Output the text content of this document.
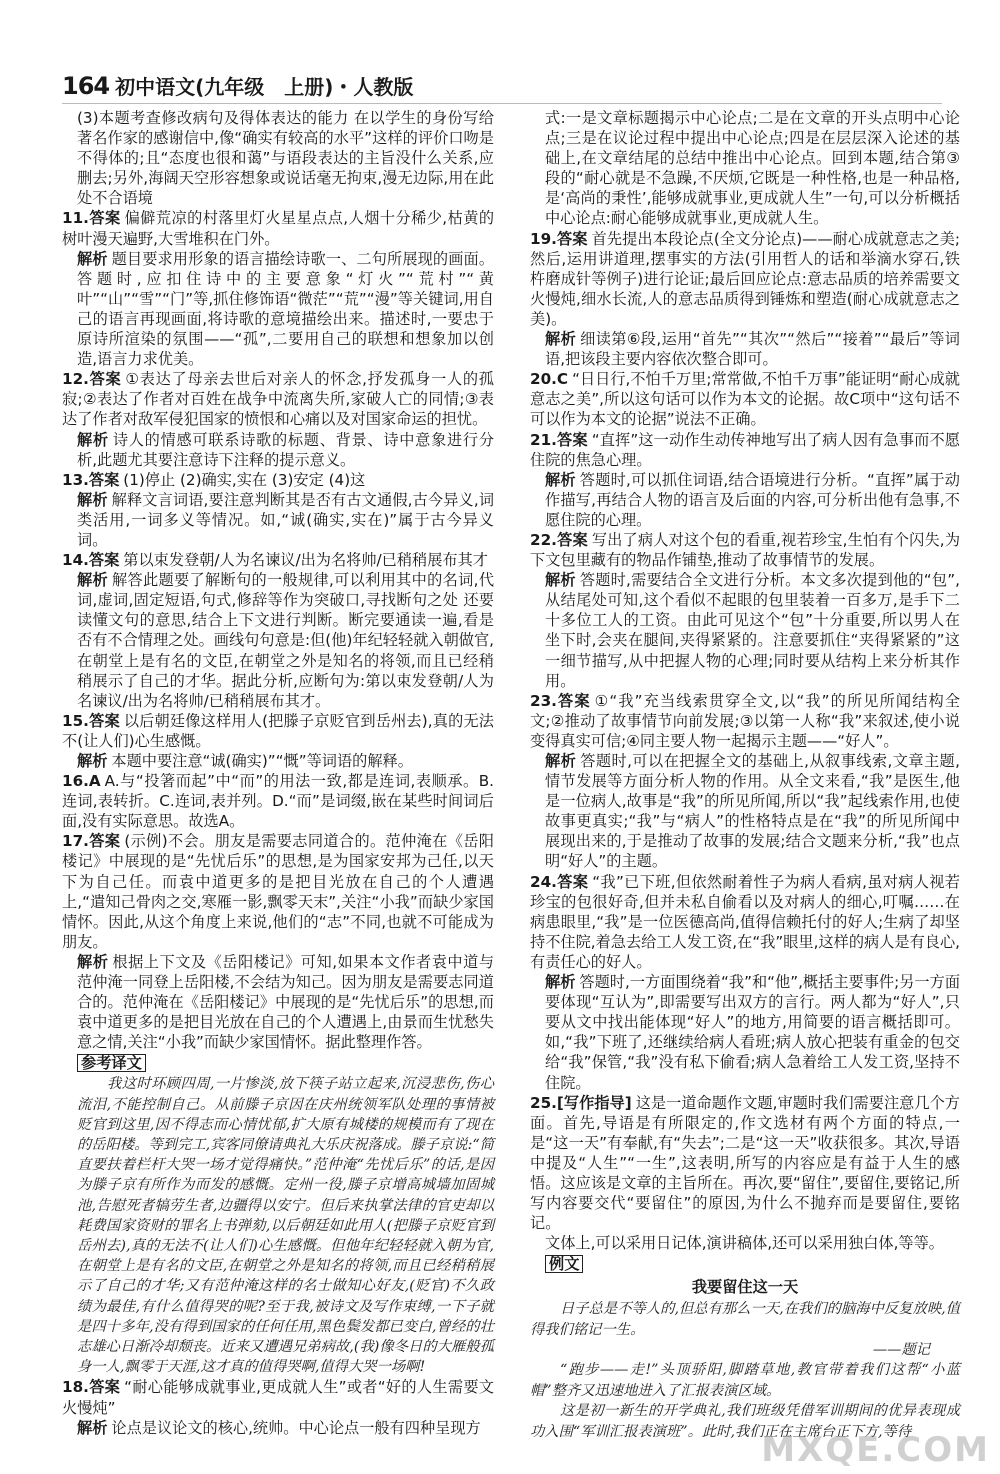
164 初中语文(九年级　上册)・人教版

(3)本题考查修改病句及得体表达的能力 在以学生的身份写给著名作家的感谢信中,像“确实有较高的水平”这样的评价口吻是不得体的;且“态度也很和蔼”与语段表达的主旨没什么关系,应删去;另外,海阔天空形容想象或说话毫无拘束,漫无边际,用在此处不合语境

11.答案 偏僻荒凉的村落里灯火星星点点,人烟十分稀少,枯黄的树叶漫天遍野,大雪堆积在门外。

解析 题目要求用形象的语言描绘诗歌一、二句所展现的画面。答题时,应扣住诗中的主要意象“灯火”“荒村”“黄叶”“山”“雪”“门”等,抓住修饰语“微茫”“荒”“漫”等关键词,用自己的语言再现画面,将诗歌的意境描绘出来。描述时,一要忠于原诗所渲染的氛围——“孤”,二要用自己的联想和想象加以创造,语言力求优美。

12.答案 ①表达了母亲去世后对亲人的怀念,抒发孤身一人的孤寂;②表达了作者对百姓在战争中流离失所,家破人亡的同情;③表达了作者对敌军侵犯国家的愤恨和心痛以及对国家命运的担忧。

解析 诗人的情感可联系诗歌的标题、背景、诗中意象进行分析,此题尤其要注意诗下注释的提示意义。

13.答案 (1)停止 (2)确实,实在 (3)安定 (4)这

解析 解释文言词语,要注意判断其是否有古文通假,古今异义,词类活用,一词多义等情况。如,“诚(确实,实在)”属于古今异义词。

14.答案 第以束发登朝/人为名谏议/出为名将帅/已稍稍展布其才

解析 解答此题要了解断句的一般规律,可以利用其中的名词,代词,虚词,固定短语,句式,修辞等作为突破口,寻找断句之处 还要读懂文句的意思,结合上下文进行判断。断完要通读一遍,看是否有不合情理之处。画线句句意是:但(他)年纪轻轻就入朝做官,在朝堂上是有名的文臣,在朝堂之外是知名的将领,而且已经稍稍展示了自己的才华。据此分析,应断句为:第以束发登朝/人为名谏议/出为名将帅/已稍稍展布其才。

15.答案 以后朝廷像这样用人(把滕子京贬官到岳州去),真的无法不(让人们)心生感慨。

解析 本题中要注意“诚(确实)”“慨”等词语的解释。

16.A A.与“投箸而起”中“而”的用法一致,都是连词,表顺承。B.连词,表转折。C.连词,表并列。D.“而”是词缀,嵌在某些时间词后面,没有实际意思。故选A。

17.答案 (示例)不会。朋友是需要志同道合的。范仲淹在《岳阳楼记》中展现的是“先忧后乐”的思想,是为国家安邦为己任,以天下为自己任。而袁中道更多的是把目光放在自己的个人遭遇上,“遣知己骨肉之交,寒雁一影,飘零天末”,关注“小我”而缺少家国情怀。因此,从这个角度上来说,他们的“志”不同,也就不可能成为朋友。

解析 根据上下文及《岳阳楼记》可知,如果本文作者袁中道与范仲淹一同登上岳阳楼,不会结为知己。因为朋友是需要志同道合的。范仲淹在《岳阳楼记》中展现的是“先忧后乐”的思想,而袁中道更多的是把目光放在自己的个人遭遇上,由景而生忧愁失意之情,关注“小我”而缺少家国情怀。据此整理作答。

参考译文

我这时环顾四周,一片惨淡,放下筷子站立起来,沉浸悲伤,伤心流泪,不能控制自己。从前滕子京因在庆州统领军队处理的事情被贬官到这里,因不得志而心情忧郁,扩大原有城楼的规模而有了现在的岳阳楼。等到完工,宾客同僚请典礼大乐庆祝落成。滕子京说:“简直要扶着栏杆大哭一场才觉得痛快。”范仲淹“先忧后乐”的话,是因为滕子京有所作为而发的感慨。定州一役,滕子京增高城墙加固城池,告慰死者犒劳生者,边疆得以安宁。但后来执掌法律的官吏却以耗费国家资财的罪名上书弹劾,以后朝廷如此用人(把滕子京贬官到岳州去),真的无法不(让人们)心生感慨。但他年纪轻轻就入朝为官,在朝堂上是有名的文臣,在朝堂之外是知名的将领,而且已经稍稍展示了自己的才华;又有范仲淹这样的名士做知心好友,(贬官)不久政绩为最佳,有什么值得哭的呢?至于我,被诗文及写作束缚,一下子就是四十多年,没有得到国家的任何任用,黑色鬓发都已变白,曾经的壮志雄心日渐冷却颓丧。近来又遭遇兄弟病故,(我)像冬日的大雁般孤身一人,飘零于天涯,这才真的值得哭啊,值得大哭一场啊!

18.答案 “耐心能够成就事业,更成就人生”或者“好的人生需要文火慢炖”

解析 论点是议论文的核心,统帅。中心论点一般有四种呈现方

式:一是文章标题揭示中心论点;二是在文章的开头点明中心论点;三是在议论过程中提出中心论点;四是在层层深入论述的基础上,在文章结尾的总结中推出中心论点。回到本题,结合第③段的“耐心就是不急躁,不厌烦,它既是一种性格,也是一种品格,是‘高尚的秉性’,能够成就事业,更成就人生”一句,可以分析概括中心论点:耐心能够成就事业,更成就人生。

19.答案 首先提出本段论点(全文分论点)——耐心成就意志之美;然后,运用讲道理,摆事实的方法(引用哲人的话和举滴水穿石,铁杵磨成针等例子)进行论证;最后回应论点:意志品质的培养需要文火慢炖,细水长流,人的意志品质得到锤炼和塑造(耐心成就意志之美)。

解析 细读第⑥段,运用“首先”“其次”“然后”“接着”“最后”等词语,把该段主要内容依次整合即可。

20.C “日日行,不怕千万里;常常做,不怕千万事”能证明“耐心成就意志之美”,所以这句话可以作为本文的论据。故C项中“这句话不可以作为本文的论据”说法不正确。

21.答案 “直挥”这一动作生动传神地写出了病人因有急事而不愿住院的焦急心理。

解析 答题时,可以抓住词语,结合语境进行分析。“直挥”属于动作描写,再结合人物的语言及后面的内容,可分析出他有急事,不愿住院的心理。

22.答案 写出了病人对这个包的看重,视若珍宝,生怕有个闪失,为下文包里藏有的物品作铺垫,推动了故事情节的发展。

解析 答题时,需要结合全文进行分析。本文多次提到他的“包”,从结尾处可知,这个看似不起眼的包里装着一百多万,是手下二十多位工人的工资。由此可见这个“包”十分重要,所以男人在坐下时,会夹在腿间,夹得紧紧的。注意要抓住“夹得紧紧的”这一细节描写,从中把握人物的心理;同时要从结构上来分析其作用。

23.答案 ①“我”充当线索贯穿全文,以“我”的所见所闻结构全文;②推动了故事情节向前发展;③以第一人称“我”来叙述,使小说变得真实可信;④同主要人物一起揭示主题——“好人”。

解析 答题时,可以在把握全文的基础上,从叙事线索,文章主题,情节发展等方面分析人物的作用。从全文来看,“我”是医生,他是一位病人,故事是“我”的所见所闻,所以“我”起线索作用,也使故事更真实;“我”与“病人”的性格特点是在“我”的所见所闻中展现出来的,于是推动了故事的发展;结合文题来分析,“我”也点明“好人”的主题。

24.答案 “我”已下班,但依然耐着性子为病人看病,虽对病人视若珍宝的包很好奇,但并未私自偷看以及对病人的细心,叮嘱……在病患眼里,“我”是一位医德高尚,值得信赖托付的好人;生病了却坚持不住院,着急去给工人发工资,在“我”眼里,这样的病人是有良心,有责任心的好人。

解析 答题时,一方面围绕着“我”和“他”,概括主要事件;另一方面要体现“互认为”,即需要写出双方的言行。两人都为“好人”,只要从文中找出能体现“好人”的地方,用简要的语言概括即可。如,“我”下班了,还继续给病人看班;病人放心把装有重金的包交给“我”保管,“我”没有私下偷看;病人急着给工人发工资,坚持不住院。

25.[写作指导] 这是一道命题作文题,审题时我们需要注意几个方面。首先,导语是有所限定的,作文选材有两个方面的特点,一是“这一天”有奉献,有“失去”;二是“这一天”收获很多。其次,导语中提及“人生”“一生”,这表明,所写的内容应是有益于人生的感悟。这应该是文章的主旨所在。再次,要“留住”,要留住,要铭记,所写内容要交代“要留住”的原因,为什么不抛弃而是要留住,要铭记。

文体上,可以采用日记体,演讲稿体,还可以采用独白体,等等。

例文
我要留住这一天

日子总是不等人的,但总有那么一天,在我们的脑海中反复放映,值得我们铭记一生。

——题记

“跑步——走!”头顶骄阳,脚踏草地,教官带着我们这帮“小蓝帽”整齐又迅速地进入了汇报表演区域。

这是初一新生的开学典礼,我们班级凭借军训期间的优异表现成功入围“军训汇报表演班”。此时,我们正在主席台正下方,等待

MXQE.COM
